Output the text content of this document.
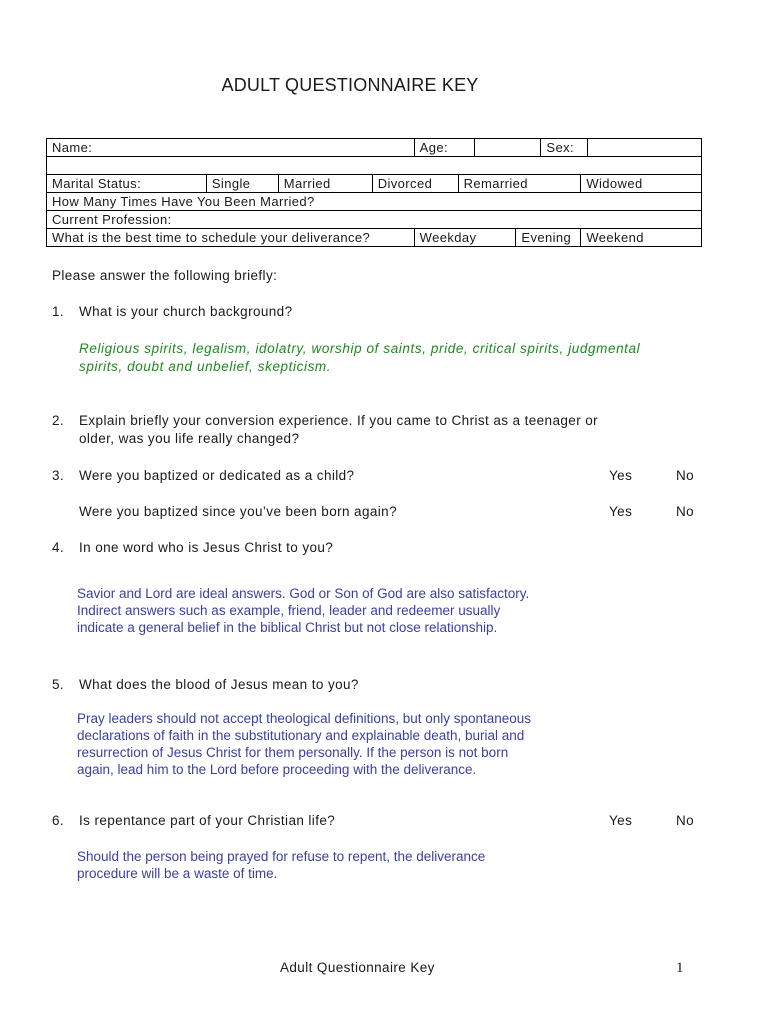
ADULT QUESTIONNAIRE KEY
Name:				Age:				Sex:		

Marital Status:	Single	Married	Divorced		Remarried				Widowed	
How Many Times Have You Been Married?										
Current Profession:										
What is the best time to schedule your deliverance?				Weekday			Evening		Weekend	
Please answer the following briefly:
1. What is your church background?
Religious spirits, legalism, idolatry, worship of saints, pride, critical spirits, judgmental
spirits, doubt and unbelief, skepticism.
2. Explain briefly your conversion experience. If you came to Christ as a teenager or
older, was you life really changed?
3. Were you baptized or dedicated as a child?	Yes	No
Were you baptized since you’ve been born again?	Yes	No
4. In one word who is Jesus Christ to you?
Savior and Lord are ideal answers. God or Son of God are also satisfactory.
Indirect answers such as example, friend, leader and redeemer usually
indicate a general belief in the biblical Christ but not close relationship.
5. What does the blood of Jesus mean to you?
Pray leaders should not accept theological definitions, but only spontaneous
declarations of faith in the substitutionary and explainable death, burial and
resurrection of Jesus Christ for them personally. If the person is not born
again, lead him to the Lord before proceeding with the deliverance.
6. Is repentance part of your Christian life?	Yes	No
Should the person being prayed for refuse to repent, the deliverance
procedure will be a waste of time.
Adult Questionnaire Key	1
